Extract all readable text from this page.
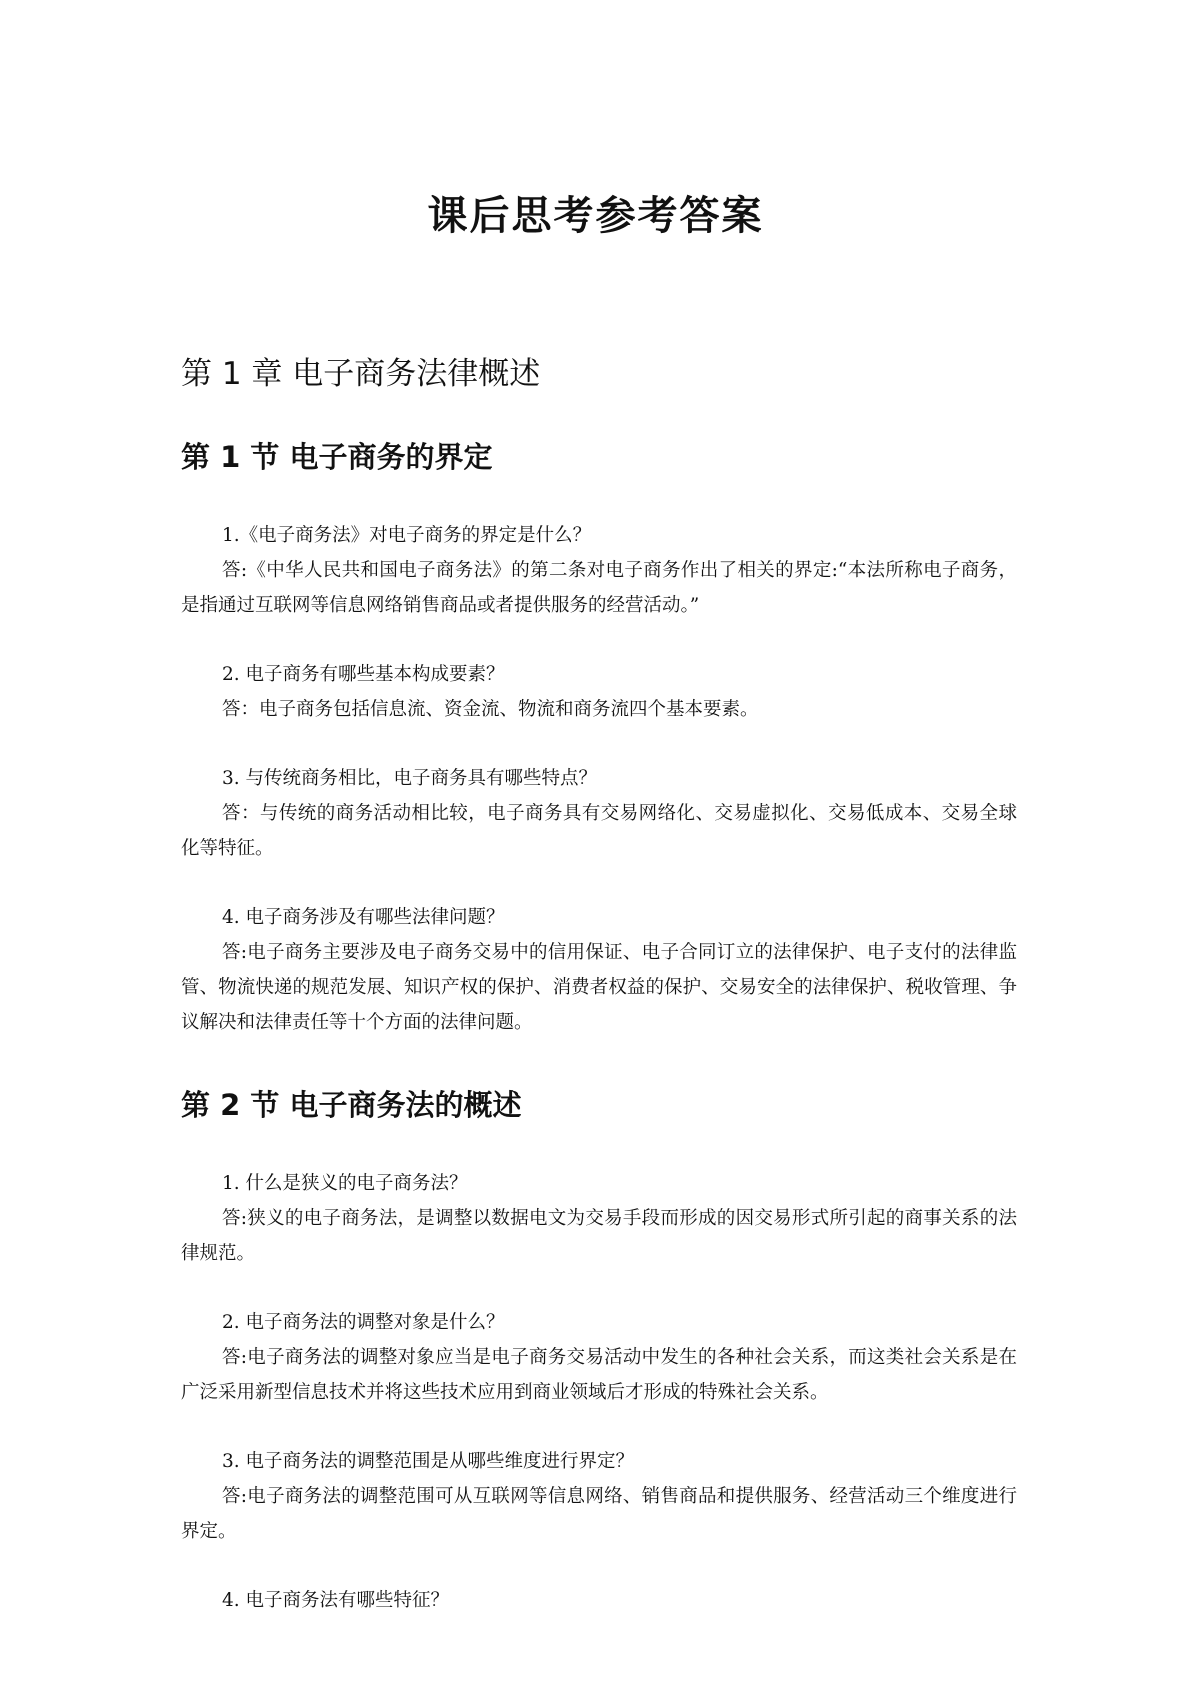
课后思考参考答案
第 1 章 电子商务法律概述
第 1 节 电子商务的界定

1.《电子商务法》对电子商务的界定是什么？

答:《中华人民共和国电子商务法》的第二条对电子商务作出了相关的界定:“本法所称电子商务，是指通过互联网等信息网络销售商品或者提供服务的经营活动。”

2. 电子商务有哪些基本构成要素？

答：电子商务包括信息流、资金流、物流和商务流四个基本要素。

3. 与传统商务相比，电子商务具有哪些特点？

答：与传统的商务活动相比较，电子商务具有交易网络化、交易虚拟化、交易低成本、交易全球化等特征。

4. 电子商务涉及有哪些法律问题？

答:电子商务主要涉及电子商务交易中的信用保证、电子合同订立的法律保护、电子支付的法律监管、物流快递的规范发展、知识产权的保护、消费者权益的保护、交易安全的法律保护、税收管理、争议解决和法律责任等十个方面的法律问题。

第 2 节 电子商务法的概述

1. 什么是狭义的电子商务法？

答:狭义的电子商务法，是调整以数据电文为交易手段而形成的因交易形式所引起的商事关系的法律规范。

2. 电子商务法的调整对象是什么？

答:电子商务法的调整对象应当是电子商务交易活动中发生的各种社会关系，而这类社会关系是在广泛采用新型信息技术并将这些技术应用到商业领域后才形成的特殊社会关系。

3. 电子商务法的调整范围是从哪些维度进行界定？

答:电子商务法的调整范围可从互联网等信息网络、销售商品和提供服务、经营活动三个维度进行界定。

4. 电子商务法有哪些特征？
